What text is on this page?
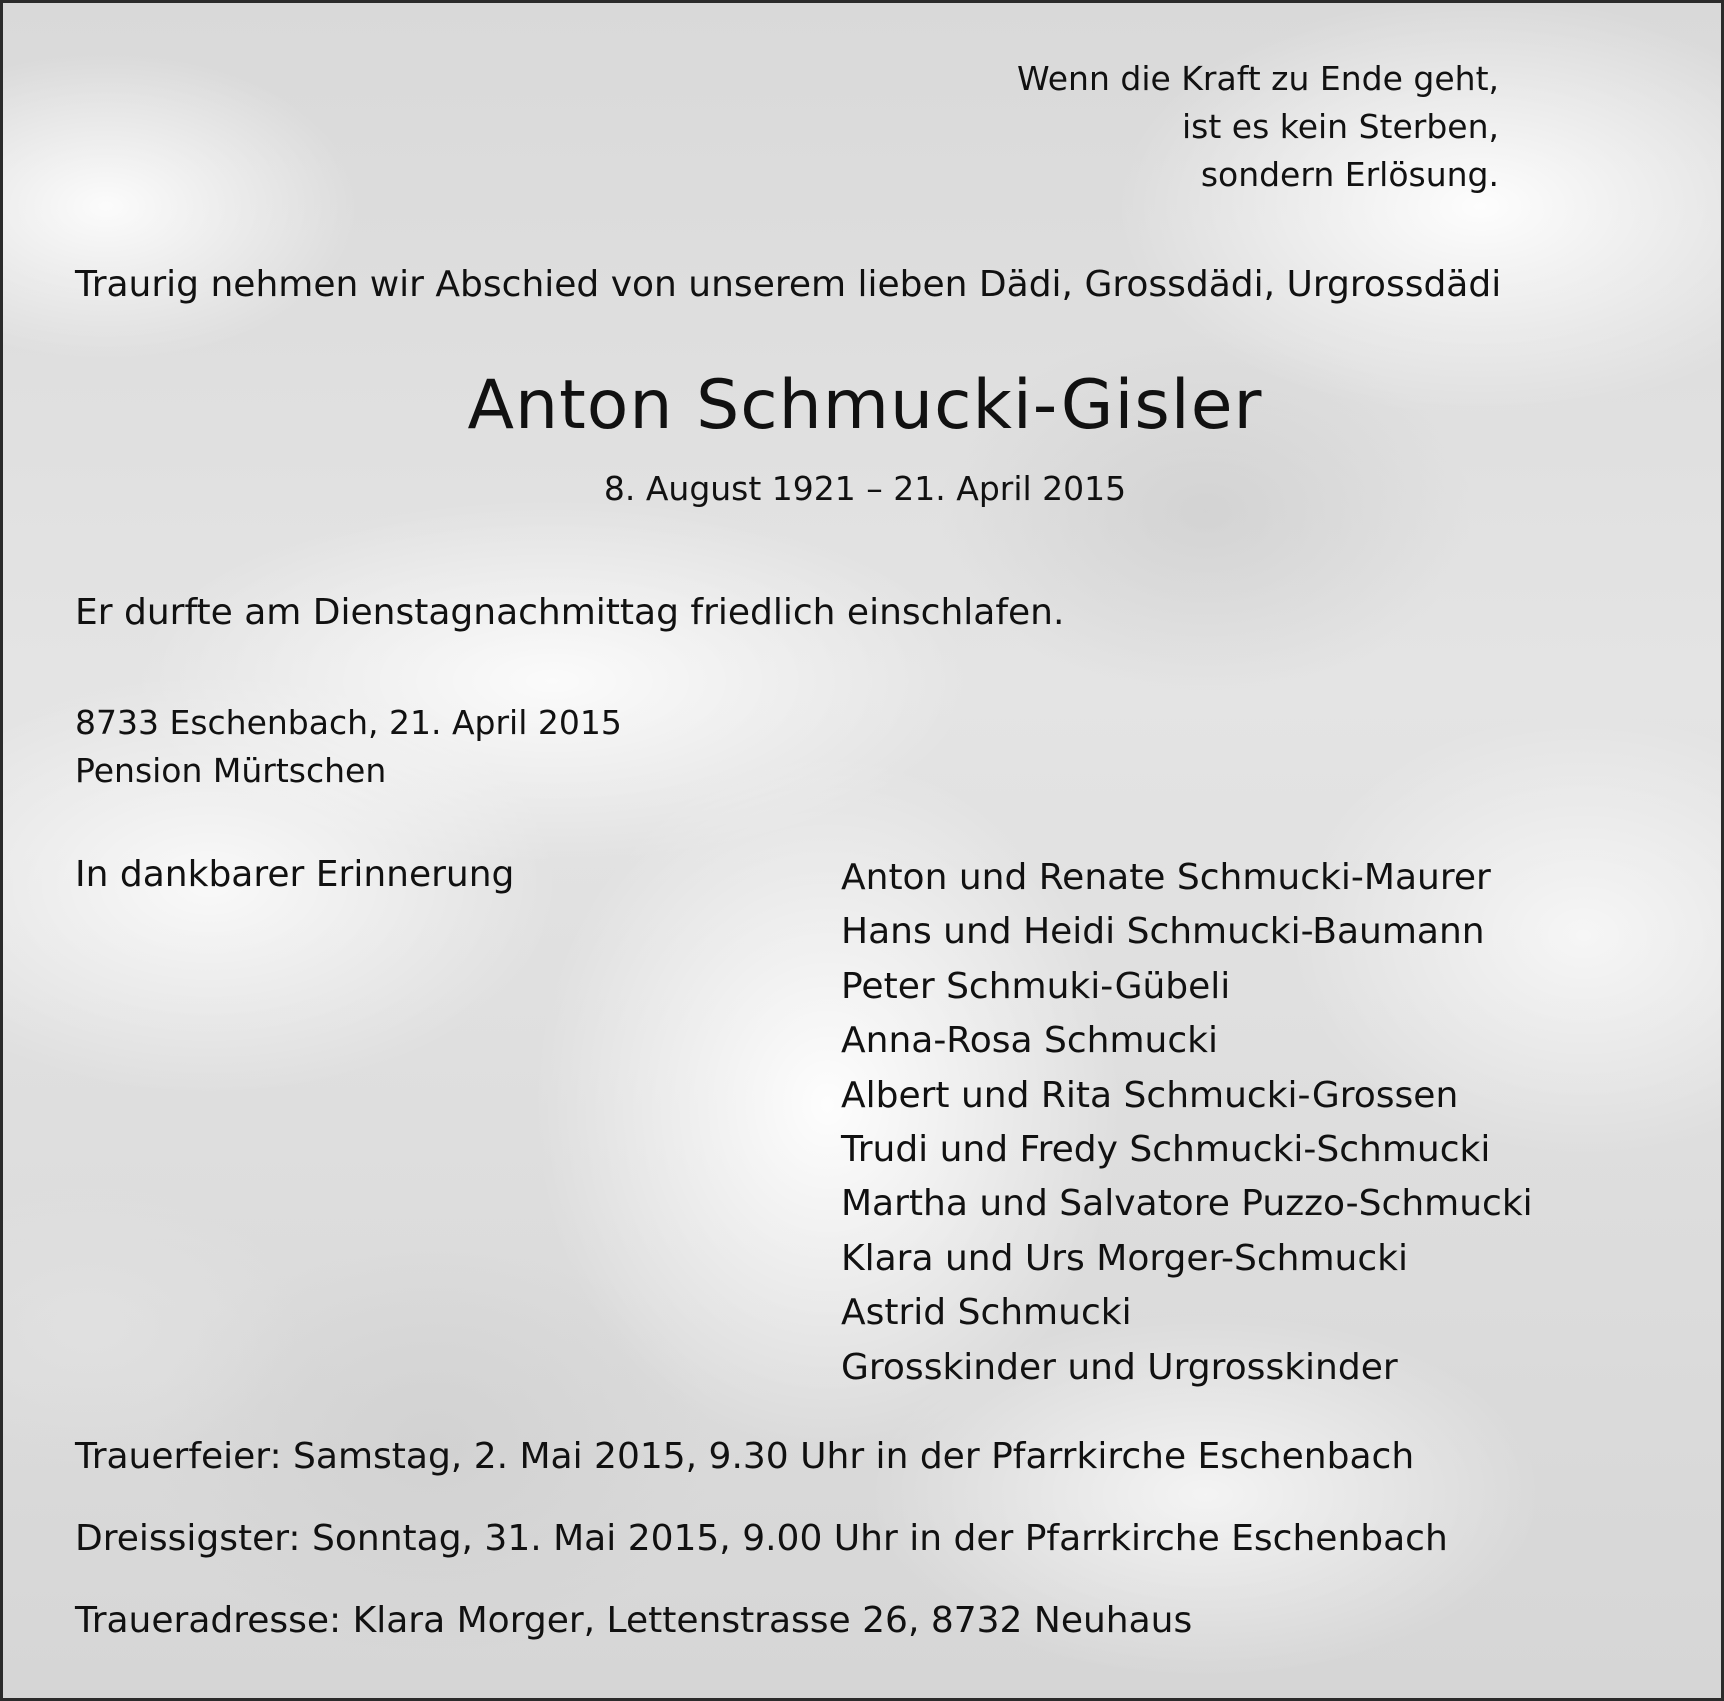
Wenn die Kraft zu Ende geht,
ist es kein Sterben,
sondern Erlösung.

Traurig nehmen wir Abschied von unserem lieben Dädi, Grossdädi, Urgrossdädi

Anton Schmucki-Gisler

8. August 1921 – 21. April 2015

Er durfte am Dienstagnachmittag friedlich einschlafen.

8733 Eschenbach, 21. April 2015

Pension Mürtschen

In dankbarer Erinnerung	Anton und Renate Schmucki-Maurer
Hans und Heidi Schmucki-Baumann
Peter Schmuki-Gübeli
Anna-Rosa Schmucki
Albert und Rita Schmucki-Grossen
Trudi und Fredy Schmucki-Schmucki
Martha und Salvatore Puzzo-Schmucki
Klara und Urs Morger-Schmucki
Astrid Schmucki
Grosskinder und Urgrosskinder

Trauerfeier: Samstag, 2. Mai 2015, 9.30 Uhr in der Pfarrkirche Eschenbach

Dreissigster: Sonntag, 31. Mai 2015, 9.00 Uhr in der Pfarrkirche Eschenbach

Traueradresse: Klara Morger, Lettenstrasse 26, 8732 Neuhaus
